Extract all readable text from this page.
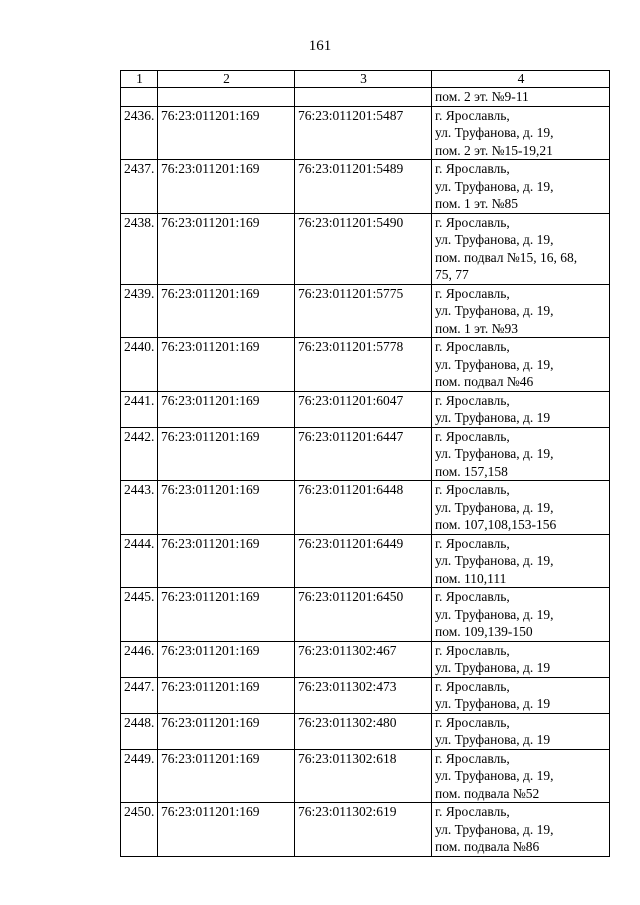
161
1	2	3	4

			пом. 2 эт. №9-11

2436.	76:23:011201:169	76:23:011201:5487	г. Ярославль,
ул. Труфанова, д. 19,
пом. 2 эт. №15-19,21

2437.	76:23:011201:169	76:23:011201:5489	г. Ярославль,
ул. Труфанова, д. 19,
пом. 1 эт. №85

2438.	76:23:011201:169	76:23:011201:5490	г. Ярославль,
ул. Труфанова, д. 19,
пом. подвал №15, 16, 68,
75, 77

2439.	76:23:011201:169	76:23:011201:5775	г. Ярославль,
ул. Труфанова, д. 19,
пом. 1 эт. №93

2440.	76:23:011201:169	76:23:011201:5778	г. Ярославль,
ул. Труфанова, д. 19,
пом. подвал №46

2441.	76:23:011201:169	76:23:011201:6047	г. Ярославль,
ул. Труфанова, д. 19

2442.	76:23:011201:169	76:23:011201:6447	г. Ярославль,
ул. Труфанова, д. 19,
пом. 157,158

2443.	76:23:011201:169	76:23:011201:6448	г. Ярославль,
ул. Труфанова, д. 19,
пом. 107,108,153-156

2444.	76:23:011201:169	76:23:011201:6449	г. Ярославль,
ул. Труфанова, д. 19,
пом. 110,111

2445.	76:23:011201:169	76:23:011201:6450	г. Ярославль,
ул. Труфанова, д. 19,
пом. 109,139-150

2446.	76:23:011201:169	76:23:011302:467	г. Ярославль,
ул. Труфанова, д. 19

2447.	76:23:011201:169	76:23:011302:473	г. Ярославль,
ул. Труфанова, д. 19

2448.	76:23:011201:169	76:23:011302:480	г. Ярославль,
ул. Труфанова, д. 19

2449.	76:23:011201:169	76:23:011302:618	г. Ярославль,
ул. Труфанова, д. 19,
пом. подвала №52

2450.	76:23:011201:169	76:23:011302:619	г. Ярославль,
ул. Труфанова, д. 19,
пом. подвала №86
